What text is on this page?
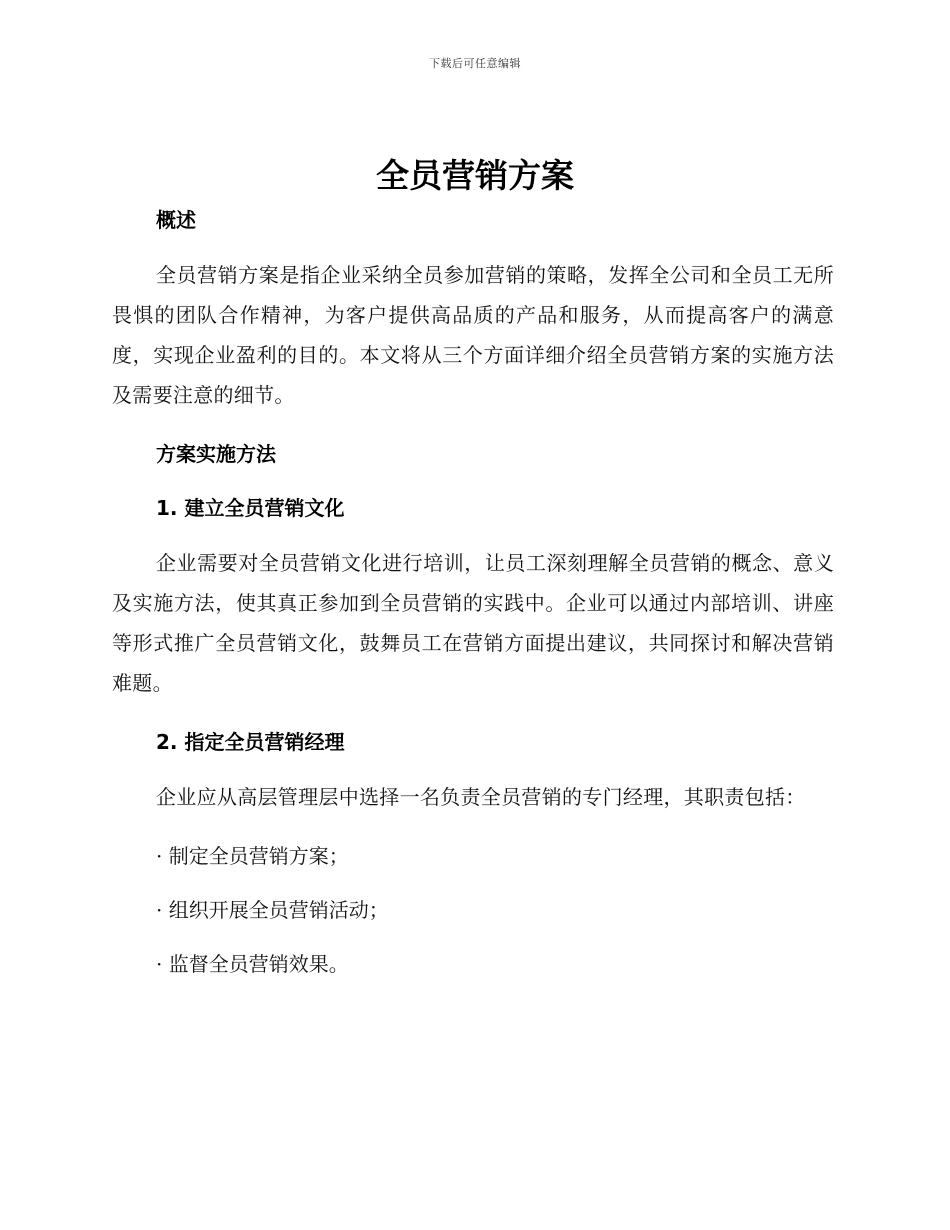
下载后可任意编辑
全员营销方案

概述

全员营销方案是指企业采纳全员参加营销的策略，发挥全公司和全员工无所畏惧的团队合作精神，为客户提供高品质的产品和服务，从而提高客户的满意度，实现企业盈利的目的。本文将从三个方面详细介绍全员营销方案的实施方法及需要注意的细节。

方案实施方法

1. 建立全员营销文化

企业需要对全员营销文化进行培训，让员工深刻理解全员营销的概念、意义及实施方法，使其真正参加到全员营销的实践中。企业可以通过内部培训、讲座等形式推广全员营销文化，鼓舞员工在营销方面提出建议，共同探讨和解决营销难题。

2. 指定全员营销经理

企业应从高层管理层中选择一名负责全员营销的专门经理，其职责包括：

· 制定全员营销方案；

· 组织开展全员营销活动；

· 监督全员营销效果。
